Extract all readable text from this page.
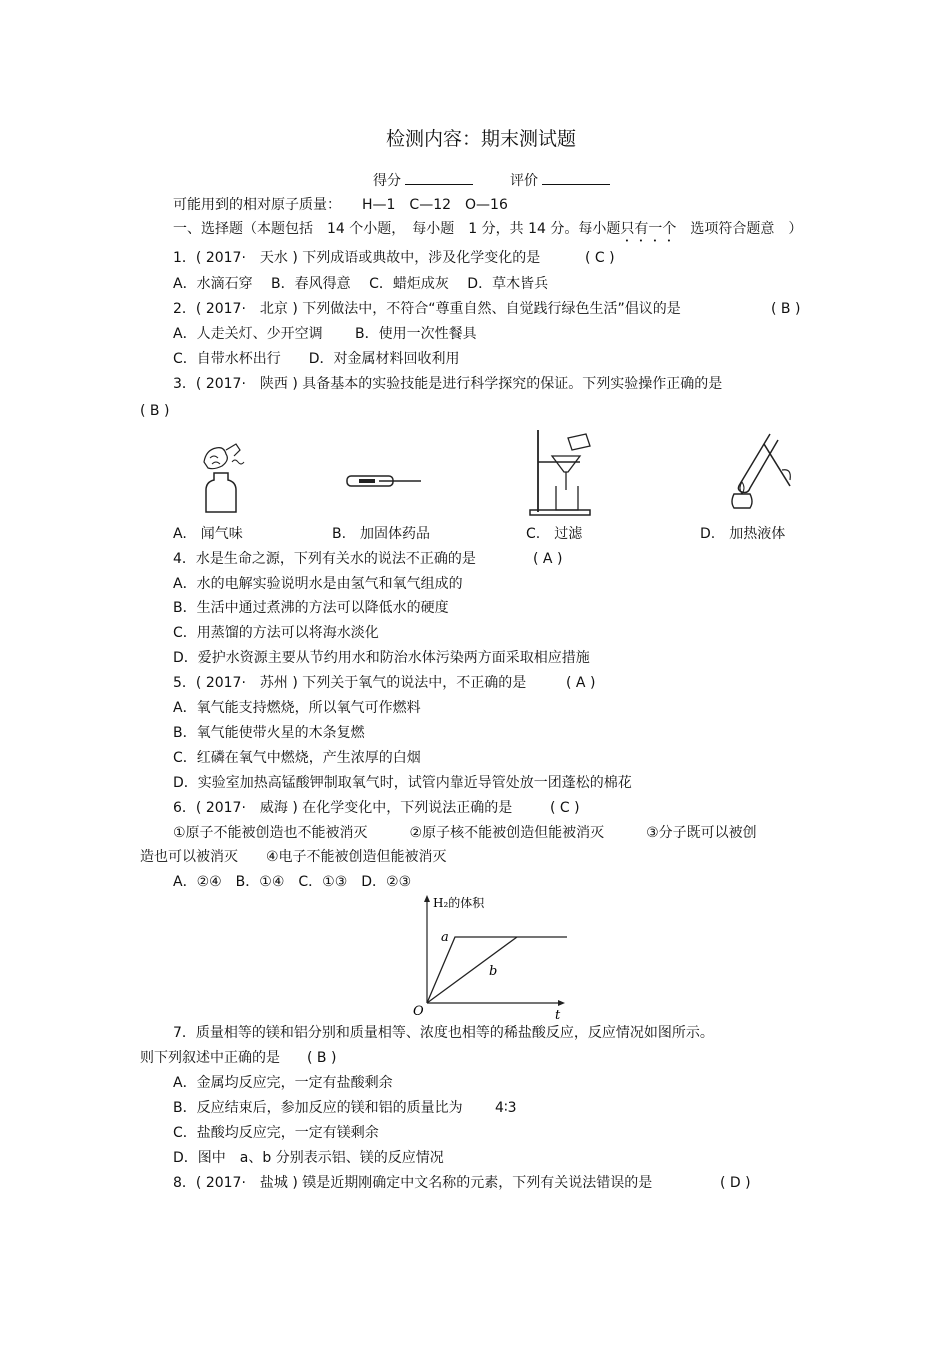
检测内容：期末测试题
得分	评价
可能用到的相对原子质量：　　H—1　C—12　O—16
一、选择题（本题包括　14 个小题，　每小题　1 分，共 14 分。每小题只有一个　选项符合题意　）
1．( 2017·　天水 ) 下列成语或典故中，涉及化学变化的是	( C )
A．水滴石穿　 B．春风得意　 C．蜡炬成灰　 D．草木皆兵
2．( 2017·　北京 ) 下列做法中，不符合“尊重自然、自觉践行绿色生活”倡议的是	( B )
A．人走关灯、少开空调　　 B．使用一次性餐具
C．自带水杯出行　　D．对金属材料回收利用
3．( 2017·　陕西 ) 具备基本的实验技能是进行科学探究的保证。下列实验操作正确的是
( B )
A.　闻气味	B.　加固体药品	C.　过滤	D.　加热液体
4．水是生命之源，下列有关水的说法不正确的是	( A )
A．水的电解实验说明水是由氢气和氧气组成的
B．生活中通过煮沸的方法可以降低水的硬度
C．用蒸馏的方法可以将海水淡化
D．爱护水资源主要从节约用水和防治水体污染两方面采取相应措施
5．( 2017·　苏州 ) 下列关于氧气的说法中，不正确的是	( A )
A．氧气能支持燃烧，所以氧气可作燃料
B．氧气能使带火星的木条复燃
C．红磷在氧气中燃烧，产生浓厚的白烟
D．实验室加热高锰酸钾制取氧气时，试管内靠近导管处放一团蓬松的棉花
6．( 2017·　威海 ) 在化学变化中，下列说法正确的是	( C )
①原子不能被创造也不能被消灭　　　②原子核不能被创造但能被消灭　　　③分子既可以被创
造也可以被消灭　　④电子不能被创造但能被消灭
A．②④　B．①④　C．①③　D．②③
H₂的体积
a
b
O	t
7．质量相等的镁和铝分别和质量相等、浓度也相等的稀盐酸反应，反应情况如图所示。
则下列叙述中正确的是 ( B )
A．金属均反应完，一定有盐酸剩余
B．反应结束后，参加反应的镁和铝的质量比为　　 4∶3
C．盐酸均反应完，一定有镁剩余
D．图中　a、b 分别表示铝、镁的反应情况
8．( 2017·　盐城 ) 镆是近期刚确定中文名称的元素，下列有关说法错误的是	( D )
